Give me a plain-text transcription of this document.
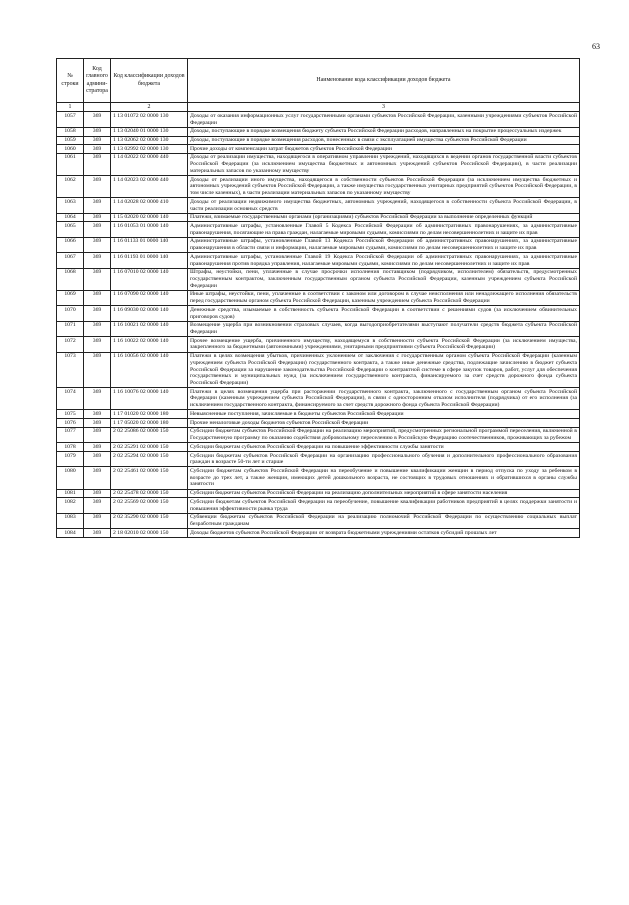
63
№ строки	Код главного админи-стратора	Код классификации доходов бюджета	Наименование кода классификации доходов бюджета
1		2	3
1057	369	1 13 01072 02 0000 130	Доходы от оказания информационных услуг государственными органами субъектов Российской Федерации, казенными учреждениями субъектов Российской Федерации
1058	369	1 13 02040 01 0000 130	Доходы, поступающие в порядке возмещения бюджету субъекта Российской Федерации расходов, направленных на покрытие процессуальных издержек
1059	369	1 13 02062 02 0000 130	Доходы, поступающие в порядке возмещения расходов, понесенных в связи с эксплуатацией имущества субъектов Российской Федерации
1060	369	1 13 02992 02 0000 130	Прочие доходы от компенсации затрат бюджетов субъектов Российской Федерации
1061	369	1 14 02022 02 0000 440	Доходы от реализации имущества, находящегося в оперативном управлении учреждений, находящихся в ведении органов государственной власти субъектов Российской Федерации (за исключением имущества бюджетных и автономных учреждений субъектов Российской Федерации), в части реализации материальных запасов по указанному имуществу
1062	369	1 14 02023 02 0000 440	Доходы от реализации иного имущества, находящегося в собственности субъектов Российской Федерации (за исключением имущества бюджетных и автономных учреждений субъектов Российской Федерации, а также имущества государственных унитарных предприятий субъектов Российской Федерации, в том числе казенных), в части реализации материальных запасов по указанному имуществу
1063	369	1 14 02028 02 0000 410	Доходы от реализации недвижимого имущества бюджетных, автономных учреждений, находящегося в собственности субъекта Российской Федерации, в части реализации основных средств
1064	369	1 15 02020 02 0000 140	Платежи, взимаемые государственными органами (организациями) субъектов Российской Федерации за выполнение определенных функций
1065	369	1 16 01053 01 0000 140	Административные штрафы, установленные Главой 5 Кодекса Российской Федерации об административных правонарушениях, за административные правонарушения, посягающие на права граждан, налагаемые мировыми судьями, комиссиями по делам несовершеннолетних и защите их прав
1066	369	1 16 01133 01 0000 140	Административные штрафы, установленные Главой 13 Кодекса Российской Федерации об административных правонарушениях, за административные правонарушения в области связи и информации, налагаемые мировыми судьями, комиссиями по делам несовершеннолетних и защите их прав
1067	369	1 16 01193 01 0000 140	Административные штрафы, установленные Главой 19 Кодекса Российской Федерации об административных правонарушениях, за административные правонарушения против порядка управления, налагаемые мировыми судьями, комиссиями по делам несовершеннолетних и защите их прав
1068	369	1 16 07010 02 0000 140	Штрафы, неустойки, пени, уплаченные в случае просрочки исполнения поставщиком (подрядчиком, исполнителем) обязательств, предусмотренных государственным контрактом, заключенным государственным органом субъекта Российской Федерации, казенным учреждением субъекта Российской Федерации
1069	369	1 16 07090 02 0000 140	Иные штрафы, неустойки, пени, уплаченные в соответствии с законом или договором в случае неисполнения или ненадлежащего исполнения обязательств перед государственным органом субъекта Российской Федерации, казенным учреждением субъекта Российской Федерации
1070	369	1 16 09030 02 0000 140	Денежные средства, изымаемые в собственность субъекта Российской Федерации в соответствии с решениями судов (за исключением обвинительных приговоров судов)
1071	369	1 16 10021 02 0000 140	Возмещение ущерба при возникновении страховых случаев, когда выгодоприобретателями выступают получатели средств бюджета субъекта Российской Федерации
1072	369	1 16 10022 02 0000 140	Прочее возмещение ущерба, причиненного имуществу, находящемуся в собственности субъекта Российской Федерации (за исключением имущества, закрепленного за бюджетными (автономными) учреждениями, унитарными предприятиями субъекта Российской Федерации)
1073	369	1 16 10056 02 0000 140	Платежи в целях возмещения убытков, причиненных уклонением от заключения с государственным органом субъекта Российской Федерации (казенным учреждением субъекта Российской Федерации) государственного контракта, а также иные денежные средства, подлежащие зачислению в бюджет субъекта Российской Федерации за нарушение законодательства Российской Федерации о контрактной системе в сфере закупок товаров, работ, услуг для обеспечения государственных и муниципальных нужд (за исключением государственного контракта, финансируемого за счет средств дорожного фонда субъекта Российской Федерации)
1074	369	1 16 10076 02 0000 140	Платежи в целях возмещения ущерба при расторжении государственного контракта, заключенного с государственным органом субъекта Российской Федерации (казенным учреждением субъекта Российской Федерации), в связи с односторонним отказом исполнителя (подрядчика) от его исполнения (за исключением государственного контракта, финансируемого за счет средств дорожного фонда субъекта Российской Федерации)
1075	369	1 17 01020 02 0000 180	Невыясненные поступления, зачисляемые в бюджеты субъектов Российской Федерации
1076	369	1 17 05020 02 0000 180	Прочие неналоговые доходы бюджетов субъектов Российской Федерации
1077	369	2 02 25086 02 0000 150	Субсидии бюджетам субъектов Российской Федерации на реализацию мероприятий, предусмотренных региональной программой переселения, включенной в Государственную программу по оказанию содействия добровольному переселению в Российскую Федерацию соотечественников, проживающих за рубежом
1078	369	2 02 25291 02 0000 150	Субсидии бюджетам субъектов Российской Федерации на повышение эффективности службы занятости
1079	369	2 02 25294 02 0000 150	Субсидии бюджетам субъектов Российской Федерации на организацию профессионального обучения и дополнительного профессионального образования граждан в возрасте 50-ти лет и старше
1080	369	2 02 25461 02 0000 150	Субсидии бюджетам субъектов Российской Федерации на переобучение и повышение квалификации женщин в период отпуска по уходу за ребенком в возрасте до трех лет, а также женщин, имеющих детей дошкольного возраста, не состоящих в трудовых отношениях и обратившихся в органы службы занятости
1081	369	2 02 25478 02 0000 150	Субсидии бюджетам субъектов Российской Федерации на реализацию дополнительных мероприятий в сфере занятости населения
1082	369	2 02 25569 02 0000 150	Субсидии бюджетам субъектов Российской Федерации на переобучение, повышение квалификации работников предприятий в целях поддержки занятости и повышения эффективности рынка труда
1083	369	2 02 35290 02 0000 150	Субвенции бюджетам субъектов Российской Федерации на реализацию полномочий Российской Федерации по осуществлению социальных выплат безработным гражданам
1084	369	2 18 02010 02 0000 150	Доходы бюджетов субъектов Российской Федерации от возврата бюджетными учреждениями остатков субсидий прошлых лет
